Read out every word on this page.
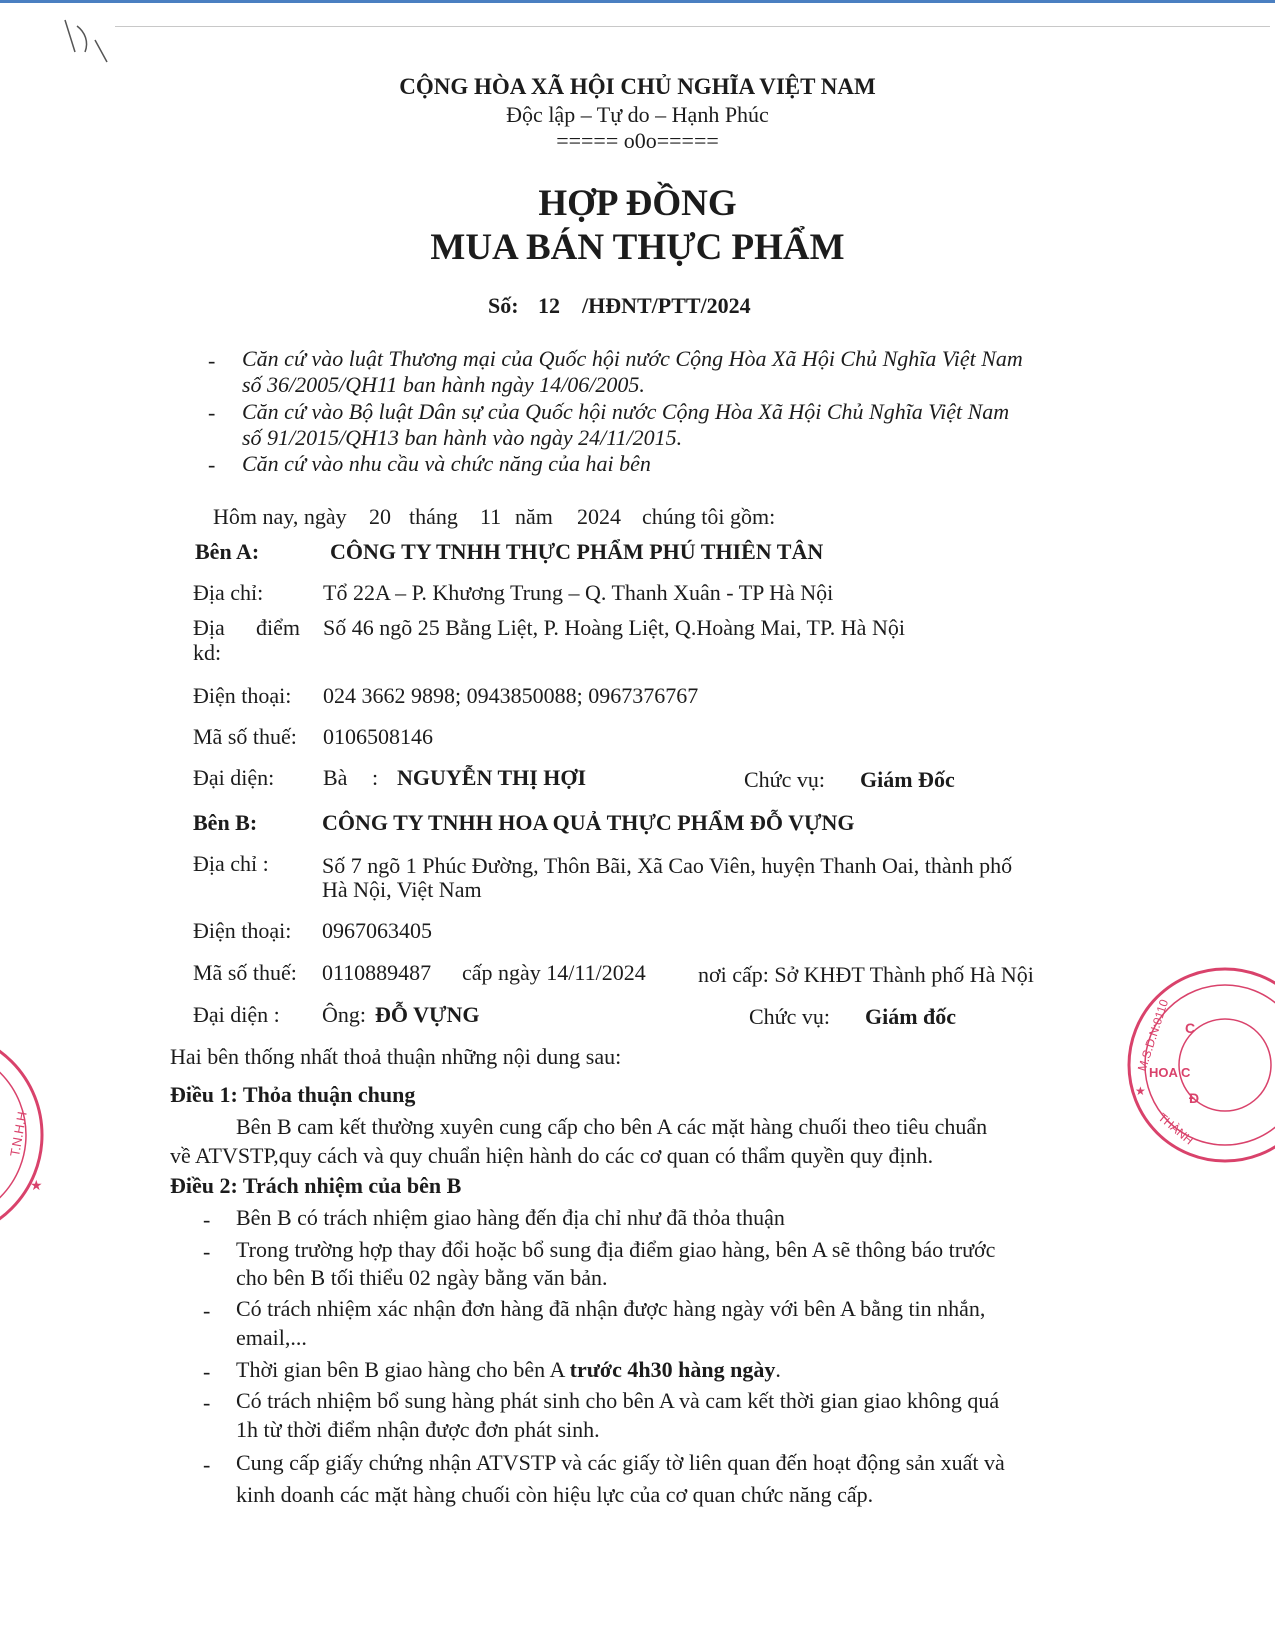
CỘNG HÒA XÃ HỘI CHỦ NGHĨA VIỆT NAM
Độc lập – Tự do – Hạnh Phúc
===== o0o=====
HỢP ĐỒNG
MUA BÁN THỰC PHẨM
Số: 12 /HĐNT/PTT/2024
- Căn cứ vào luật Thương mại của Quốc hội nước Cộng Hòa Xã Hội Chủ Nghĩa Việt Nam
số 36/2005/QH11 ban hành ngày 14/06/2005.
- Căn cứ vào Bộ luật Dân sự của Quốc hội nước Cộng Hòa Xã Hội Chủ Nghĩa Việt Nam
số 91/2015/QH13 ban hành vào ngày 24/11/2015.
- Căn cứ vào nhu cầu và chức năng của hai bên
Hôm nay, ngày 20 tháng 11 năm 2024 chúng tôi gồm:
Bên A:	CÔNG TY TNHH THỰC PHẨM PHÚ THIÊN TÂN
Địa chỉ:	Tổ 22A – P. Khương Trung – Q. Thanh Xuân - TP Hà Nội
Địa điểm
kd:
Số 46 ngõ 25 Bằng Liệt, P. Hoàng Liệt, Q.Hoàng Mai, TP. Hà Nội
Điện thoại: 024 3662 9898; 0943850088; 0967376767
Mã số thuế: 0106508146
Đại diện: Bà : NGUYỄN THỊ HỢI	Chức vụ: Giám Đốc
Bên B:	CÔNG TY TNHH HOA QUẢ THỰC PHẨM ĐỖ VỰNG
Địa chỉ : Số 7 ngõ 1 Phúc Đường, Thôn Bãi, Xã Cao Viên, huyện Thanh Oai, thành phố
Hà Nội, Việt Nam
Điện thoại: 0967063405
Mã số thuế: 0110889487 cấp ngày 14/11/2024 nơi cấp: Sở KHĐT Thành phố Hà Nội
Đại diện : Ông: ĐỖ VỰNG	Chức vụ: Giám đốc
Hai bên thống nhất thoả thuận những nội dung sau:
Điều 1: Thỏa thuận chung
Bên B cam kết thường xuyên cung cấp cho bên A các mặt hàng chuối theo tiêu chuẩn
về ATVSTP,quy cách và quy chuẩn hiện hành do các cơ quan có thẩm quyền quy định.
Điều 2: Trách nhiệm của bên B
- Bên B có trách nhiệm giao hàng đến địa chỉ như đã thỏa thuận
- Trong trường hợp thay đổi hoặc bổ sung địa điểm giao hàng, bên A sẽ thông báo trước
cho bên B tối thiểu 02 ngày bằng văn bản.
- Có trách nhiệm xác nhận đơn hàng đã nhận được hàng ngày với bên A bằng tin nhắn,
email,...
- Thời gian bên B giao hàng cho bên A trước 4h30 hàng ngày.
- Có trách nhiệm bổ sung hàng phát sinh cho bên A và cam kết thời gian giao không quá
1h từ thời điểm nhận được đơn phát sinh.
- Cung cấp giấy chứng nhận ATVSTP và các giấy tờ liên quan đến hoạt động sản xuất và
kinh doanh các mặt hàng chuối còn hiệu lực của cơ quan chức năng cấp.
T.N.H.H
★
M.S.D.N:0110
HOA C
C
Đ
★
THÀNH
